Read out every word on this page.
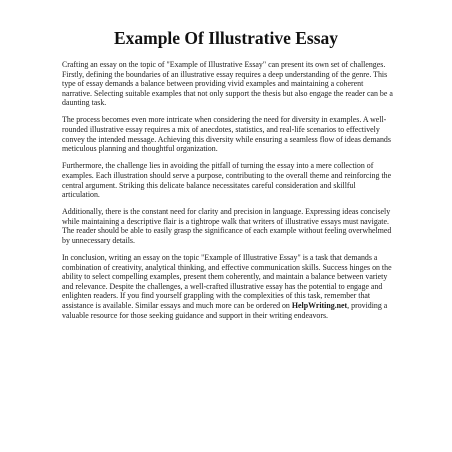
Example Of Illustrative Essay

Crafting an essay on the topic of "Example of Illustrative Essay" can present its own set of challenges. Firstly, defining the boundaries of an illustrative essay requires a deep understanding of the genre. This type of essay demands a balance between providing vivid examples and maintaining a coherent narrative. Selecting suitable examples that not only support the thesis but also engage the reader can be a daunting task.

The process becomes even more intricate when considering the need for diversity in examples. A well-rounded illustrative essay requires a mix of anecdotes, statistics, and real-life scenarios to effectively convey the intended message. Achieving this diversity while ensuring a seamless flow of ideas demands meticulous planning and thoughtful organization.

Furthermore, the challenge lies in avoiding the pitfall of turning the essay into a mere collection of examples. Each illustration should serve a purpose, contributing to the overall theme and reinforcing the central argument. Striking this delicate balance necessitates careful consideration and skillful articulation.

Additionally, there is the constant need for clarity and precision in language. Expressing ideas concisely while maintaining a descriptive flair is a tightrope walk that writers of illustrative essays must navigate. The reader should be able to easily grasp the significance of each example without feeling overwhelmed by unnecessary details.

In conclusion, writing an essay on the topic "Example of Illustrative Essay" is a task that demands a combination of creativity, analytical thinking, and effective communication skills. Success hinges on the ability to select compelling examples, present them coherently, and maintain a balance between variety and relevance. Despite the challenges, a well-crafted illustrative essay has the potential to engage and enlighten readers. If you find yourself grappling with the complexities of this task, remember that assistance is available. Similar essays and much more can be ordered on HelpWriting.net, providing a valuable resource for those seeking guidance and support in their writing endeavors.
